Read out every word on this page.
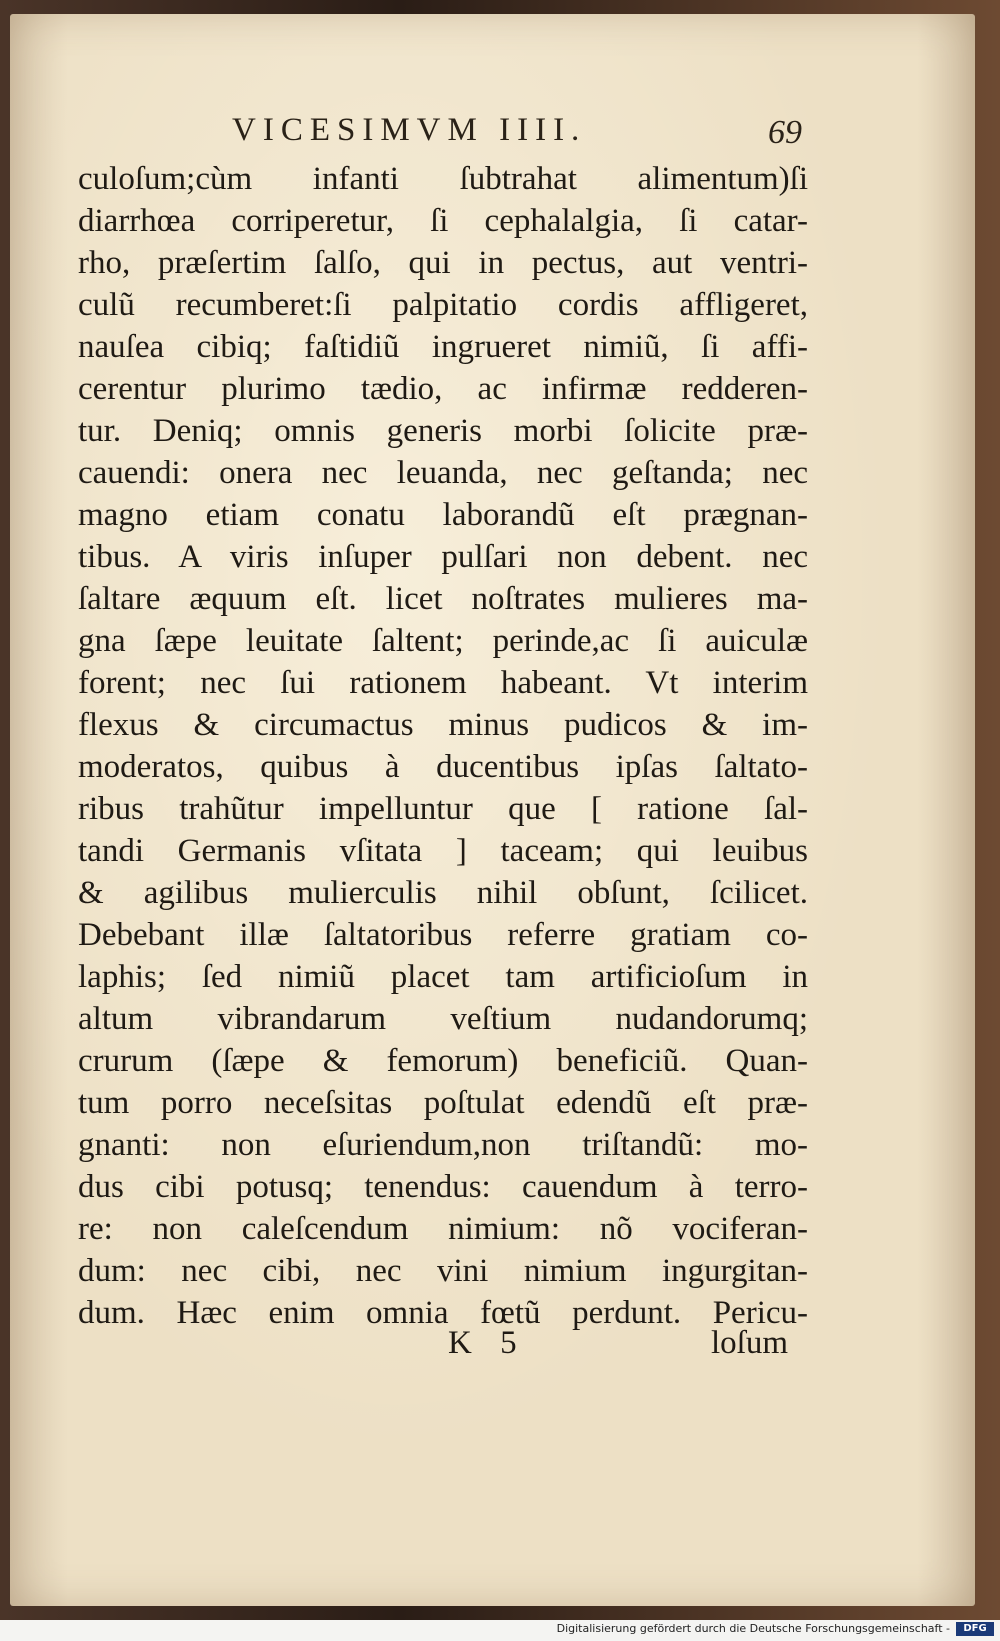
VICESIMVM IIII.	69
culoſum;cùm infanti ſubtrahat alimentum)ſi
diarrhœa corriperetur, ſi cephalalgia, ſi catar-
rho, præſertim ſalſo, qui in pectus, aut ventri-
culũ recumberet:ſi palpitatio cordis affligeret,
nauſea cibiq; faſtidiũ ingrueret nimiũ, ſi affi-
cerentur plurimo tædio, ac infirmæ redderen-
tur. Deniq; omnis generis morbi ſolicite præ-
cauendi: onera nec leuanda, nec geſtanda; nec
magno etiam conatu laborandũ eſt prægnan-
tibus. A viris inſuper pulſari non debent. nec
ſaltare æquum eſt. licet noſtrates mulieres ma-
gna ſæpe leuitate ſaltent; perinde,ac ſi auiculæ
forent; nec ſui rationem habeant. Vt interim
flexus & circumactus minus pudicos & im-
moderatos, quibus à ducentibus ipſas ſaltato-
ribus trahũtur impelluntur que [ ratione ſal-
tandi Germanis vſitata ] taceam; qui leuibus
& agilibus mulierculis nihil obſunt, ſcilicet.
Debebant illæ ſaltatoribus referre gratiam co-
laphis; ſed nimiũ placet tam artificioſum in
altum vibrandarum veſtium nudandorumq;
crurum (ſæpe & femorum) beneficiũ. Quan-
tum porro neceſsitas poſtulat edendũ eſt præ-
gnanti: non eſuriendum,non triſtandũ: mo-
dus cibi potusq; tenendus: cauendum à terro-
re: non caleſcendum nimium: nõ vociferan-
dum: nec cibi, nec vini nimium ingurgitan-
dum. Hæc enim omnia fœtũ perdunt. Pericu-
K 5	loſum
Digitalisierung gefördert durch die Deutsche Forschungsgemeinschaft -	DFG
